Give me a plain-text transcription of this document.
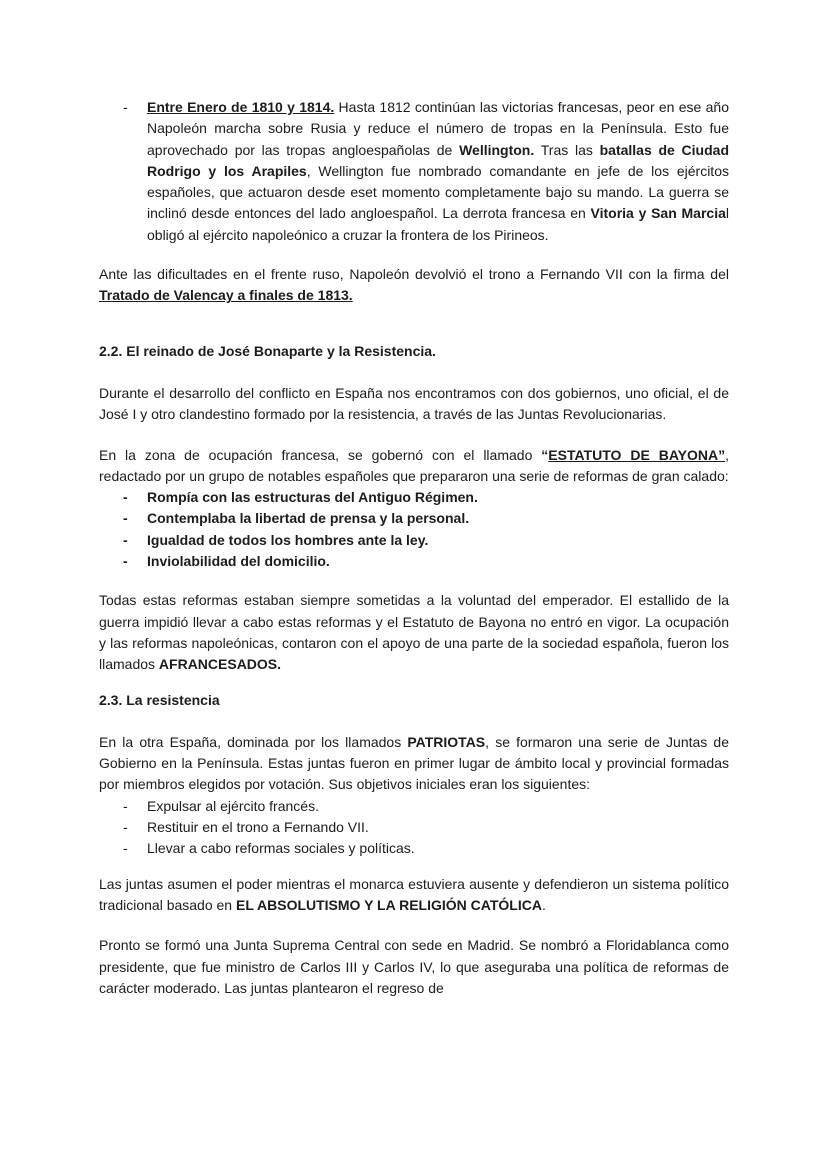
-	Entre Enero de 1810 y 1814. Hasta 1812 continúan las victorias francesas, peor en ese año Napoleón marcha sobre Rusia y reduce el número de tropas en la Península. Esto fue aprovechado por las tropas angloespañolas de Wellington. Tras las batallas de Ciudad Rodrigo y los Arapiles, Wellington fue nombrado comandante en jefe de los ejércitos españoles, que actuaron desde eset momento completamente bajo su mando. La guerra se inclinó desde entonces del lado angloespañol. La derrota francesa en Vitoria y San Marcial obligó al ejército napoleónico a cruzar la frontera de los Pirineos.

Ante las dificultades en el frente ruso, Napoleón devolvió el trono a Fernando VII con la firma del Tratado de Valencay a finales de 1813.

2.2. El reinado de José Bonaparte y la Resistencia.

Durante el desarrollo del conflicto en España nos encontramos con dos gobiernos, uno oficial, el de José I y otro clandestino formado por la resistencia, a través de las Juntas Revolucionarias.

En la zona de ocupación francesa, se gobernó con el llamado “ESTATUTO DE BAYONA”, redactado por un grupo de notables españoles que prepararon una serie de reformas de gran calado:

-	Rompía con las estructuras del Antiguo Régimen.
-	Contemplaba la libertad de prensa y la personal.
-	Igualdad de todos los hombres ante la ley.
-	Inviolabilidad del domicilio.

Todas estas reformas estaban siempre sometidas a la voluntad del emperador. El estallido de la guerra impidió llevar a cabo estas reformas y el Estatuto de Bayona no entró en vigor. La ocupación y las reformas napoleónicas, contaron con el apoyo de una parte de la sociedad española, fueron los llamados AFRANCESADOS.

2.3. La resistencia

En la otra España, dominada por los llamados PATRIOTAS, se formaron una serie de Juntas de Gobierno en la Península. Estas juntas fueron en primer lugar de ámbito local y provincial formadas por miembros elegidos por votación. Sus objetivos iniciales eran los siguientes:

-	Expulsar al ejército francés.
-	Restituir en el trono a Fernando VII.
-	Llevar a cabo reformas sociales y políticas.

Las juntas asumen el poder mientras el monarca estuviera ausente y defendieron un sistema político tradicional basado en EL ABSOLUTISMO Y LA RELIGIÓN CATÓLICA.

Pronto se formó una Junta Suprema Central con sede en Madrid. Se nombró a Floridablanca como presidente, que fue ministro de Carlos III y Carlos IV, lo que aseguraba una política de reformas de carácter moderado. Las juntas plantearon el regreso de
